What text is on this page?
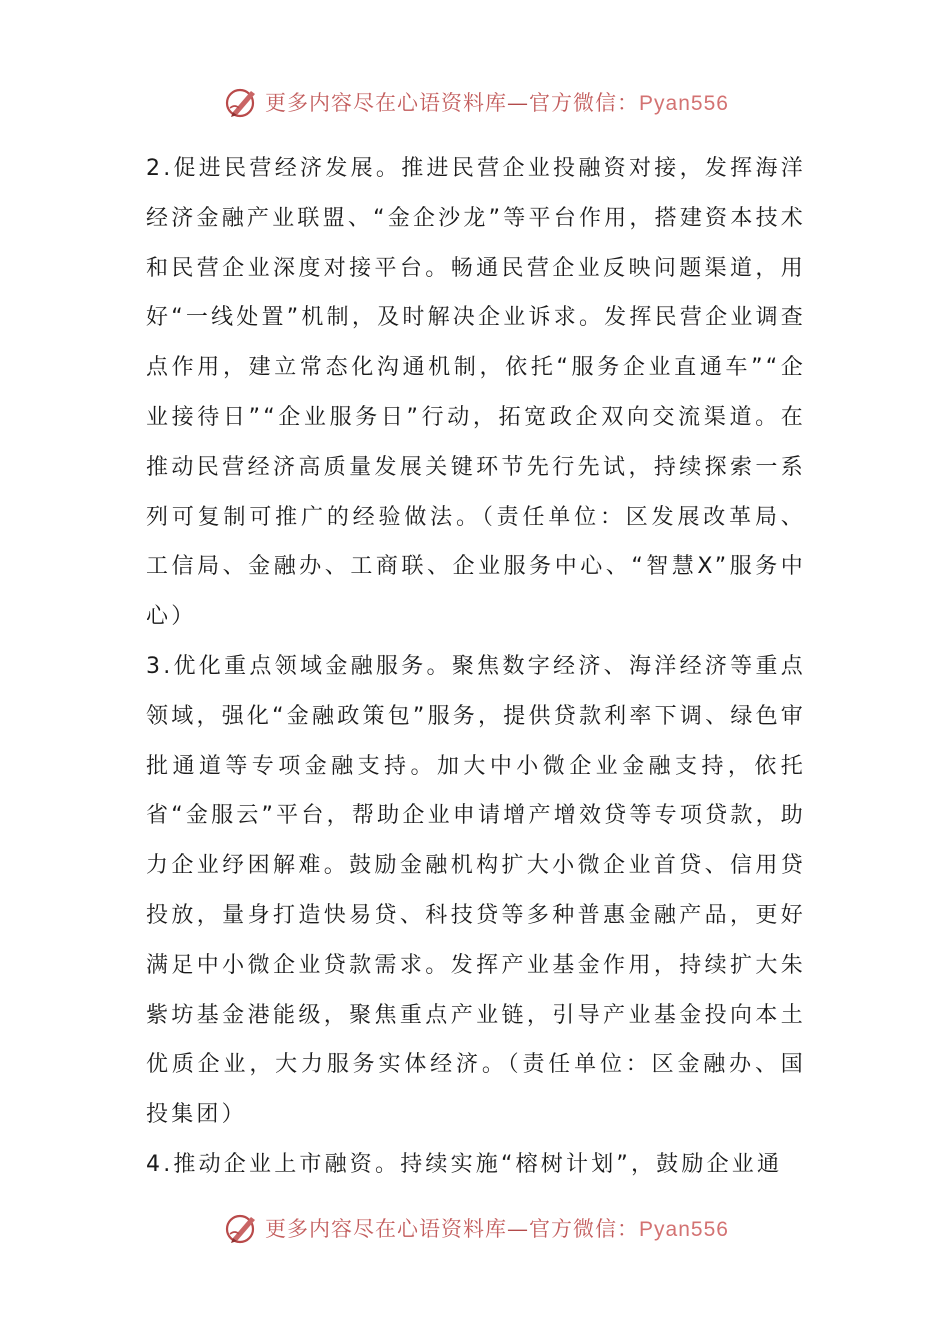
更多内容尽在心语资料库—官方微信：Pyan556

2.促进民营经济发展。推进民营企业投融资对接，发挥海洋经济金融产业联盟、“金企沙龙”等平台作用，搭建资本技术和民营企业深度对接平台。畅通民营企业反映问题渠道，用好“一线处置”机制，及时解决企业诉求。发挥民营企业调查点作用，建立常态化沟通机制，依托“服务企业直通车”“企业接待日”“企业服务日”行动，拓宽政企双向交流渠道。在推动民营经济高质量发展关键环节先行先试，持续探索一系列可复制可推广的经验做法。（责任单位：区发展改革局、工信局、金融办、工商联、企业服务中心、“智慧X”服务中心）

3.优化重点领域金融服务。聚焦数字经济、海洋经济等重点领域，强化“金融政策包”服务，提供贷款利率下调、绿色审批通道等专项金融支持。加大中小微企业金融支持，依托省“金服云”平台，帮助企业申请增产增效贷等专项贷款，助力企业纾困解难。鼓励金融机构扩大小微企业首贷、信用贷投放，量身打造快易贷、科技贷等多种普惠金融产品，更好满足中小微企业贷款需求。发挥产业基金作用，持续扩大朱紫坊基金港能级，聚焦重点产业链，引导产业基金投向本土优质企业，大力服务实体经济。（责任单位：区金融办、国投集团）

4.推动企业上市融资。持续实施“榕树计划”，鼓励企业通

更多内容尽在心语资料库—官方微信：Pyan556
